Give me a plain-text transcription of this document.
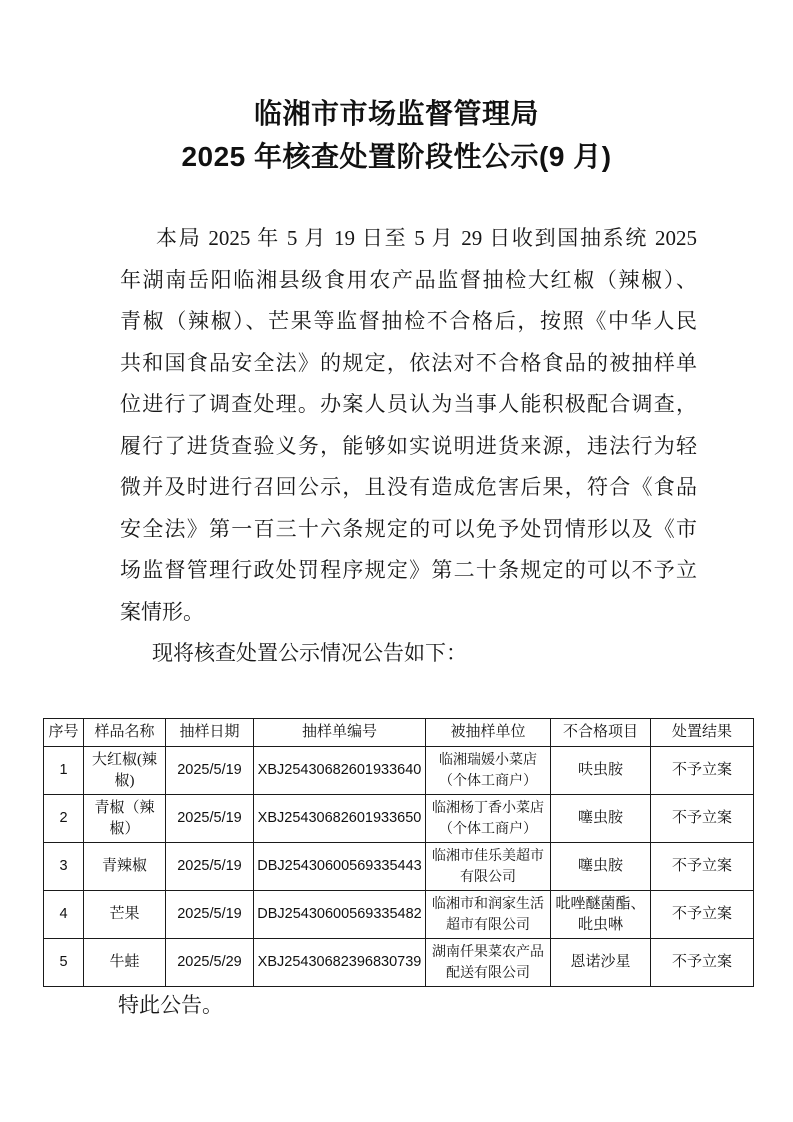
临湘市市场监督管理局
2025 年核查处置阶段性公示(9 月)
本局 2025 年 5 月 19 日至 5 月 29 日收到国抽系统 2025
年湖南岳阳临湘县级食用农产品监督抽检大红椒（辣椒）、
青椒（辣椒）、芒果等监督抽检不合格后，按照《中华人民
共和国食品安全法》的规定，依法对不合格食品的被抽样单
位进行了调查处理。办案人员认为当事人能积极配合调查，
履行了进货查验义务，能够如实说明进货来源，违法行为轻
微并及时进行召回公示，且没有造成危害后果，符合《食品
安全法》第一百三十六条规定的可以免予处罚情形以及《市
场监督管理行政处罚程序规定》第二十条规定的可以不予立
案情形。
现将核查处置公示情况公告如下：
序号	样品名称	抽样日期	抽样单编号	被抽样单位	不合格项目	处置结果
1	大红椒(辣椒)	2025/5/19	XBJ25430682601933640	临湘瑞媛小菜店（个体工商户）	呋虫胺	不予立案
2	青椒（辣椒）	2025/5/19	XBJ25430682601933650	临湘杨丁香小菜店（个体工商户）	噻虫胺	不予立案
3	青辣椒	2025/5/19	DBJ25430600569335443	临湘市佳乐美超市有限公司	噻虫胺	不予立案
4	芒果	2025/5/19	DBJ25430600569335482	临湘市和润家生活超市有限公司	吡唑醚菌酯、吡虫啉	不予立案
5	牛蛙	2025/5/29	XBJ25430682396830739	湖南仟果菜农产品配送有限公司	恩诺沙星	不予立案
特此公告。
